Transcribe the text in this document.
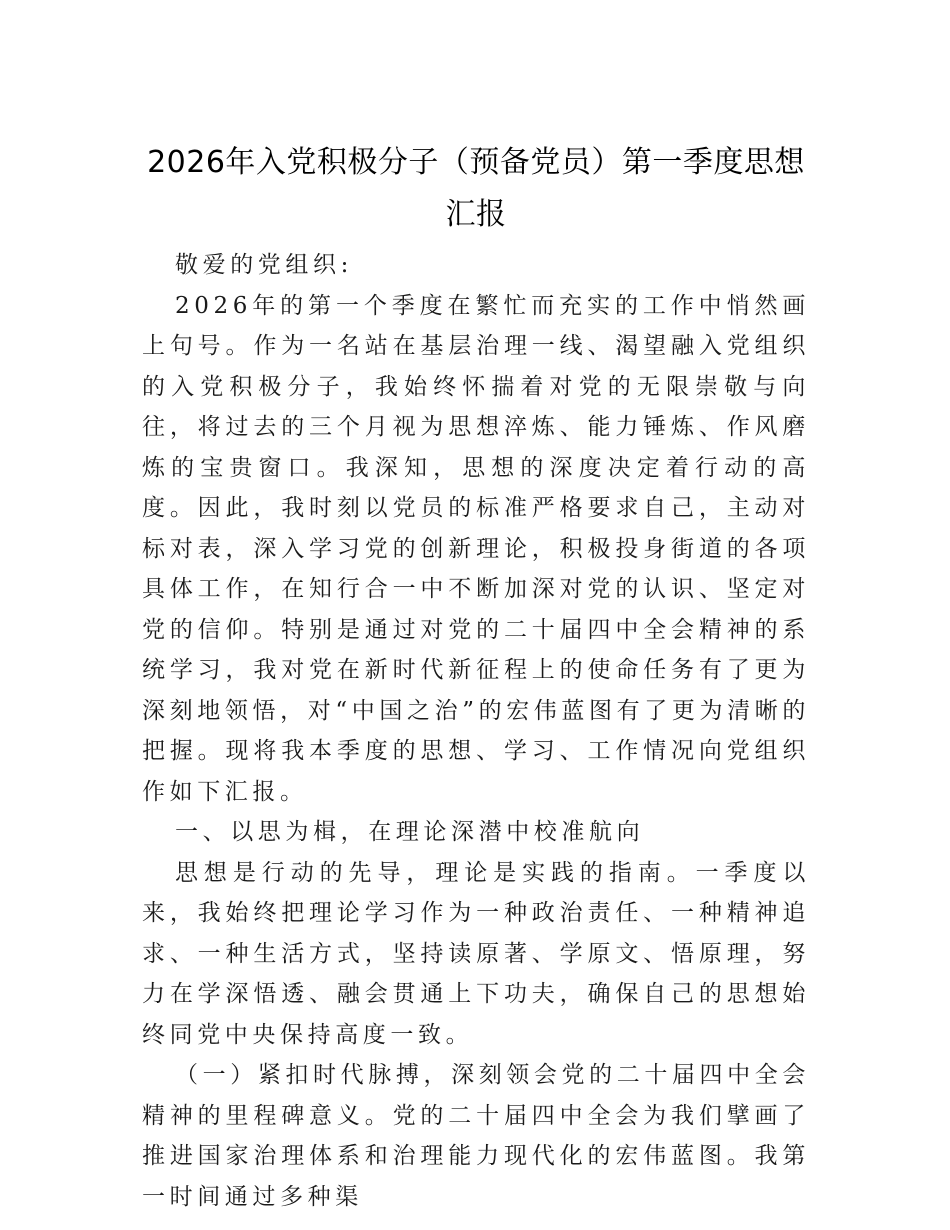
2026年入党积极分子（预备党员）第一季度思想汇报

敬爱的党组织:

2026年的第一个季度在繁忙而充实的工作中悄然画上句号。作为一名站在基层治理一线、渴望融入党组织的入党积极分子，我始终怀揣着对党的无限崇敬与向往，将过去的三个月视为思想淬炼、能力锤炼、作风磨炼的宝贵窗口。我深知，思想的深度决定着行动的高度。因此，我时刻以党员的标准严格要求自己，主动对标对表，深入学习党的创新理论，积极投身街道的各项具体工作，在知行合一中不断加深对党的认识、坚定对党的信仰。特别是通过对党的二十届四中全会精神的系统学习，我对党在新时代新征程上的使命任务有了更为深刻地领悟，对“中国之治”的宏伟蓝图有了更为清晰的把握。现将我本季度的思想、学习、工作情况向党组织作如下汇报。

一、以思为楫，在理论深潜中校准航向

思想是行动的先导，理论是实践的指南。一季度以来，我始终把理论学习作为一种政治责任、一种精神追求、一种生活方式，坚持读原著、学原文、悟原理，努力在学深悟透、融会贯通上下功夫，确保自己的思想始终同党中央保持高度一致。

（一）紧扣时代脉搏，深刻领会党的二十届四中全会精神的里程碑意义。党的二十届四中全会为我们擘画了推进国家治理体系和治理能力现代化的宏伟蓝图。我第一时间通过多种渠
